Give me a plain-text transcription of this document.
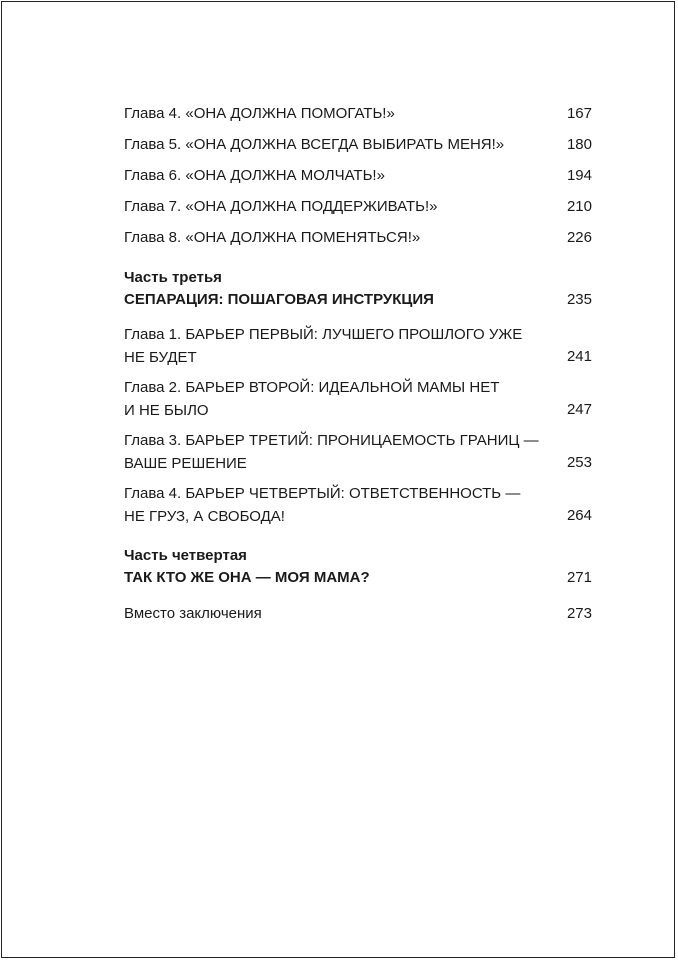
Глава 4. «ОНА ДОЛЖНА ПОМОГАТЬ!»	167
Глава 5. «ОНА ДОЛЖНА ВСЕГДА ВЫБИРАТЬ МЕНЯ!»	180
Глава 6. «ОНА ДОЛЖНА МОЛЧАТЬ!»	194
Глава 7. «ОНА ДОЛЖНА ПОДДЕРЖИВАТЬ!»	210
Глава 8. «ОНА ДОЛЖНА ПОМЕНЯТЬСЯ!»	226
Часть третья
СЕПАРАЦИЯ: ПОШАГОВАЯ ИНСТРУКЦИЯ	235
Глава 1. БАРЬЕР ПЕРВЫЙ: ЛУЧШЕГО ПРОШЛОГО УЖЕ
НЕ БУДЕТ	241
Глава 2. БАРЬЕР ВТОРОЙ: ИДЕАЛЬНОЙ МАМЫ НЕТ
И НЕ БЫЛО	247
Глава 3. БАРЬЕР ТРЕТИЙ: ПРОНИЦАЕМОСТЬ ГРАНИЦ —
ВАШЕ РЕШЕНИЕ	253
Глава 4. БАРЬЕР ЧЕТВЕРТЫЙ: ОТВЕТСТВЕННОСТЬ —
НЕ ГРУЗ, А СВОБОДА!	264
Часть четвертая
ТАК КТО ЖЕ ОНА — МОЯ МАМА?	271
Вместо заключения	273
